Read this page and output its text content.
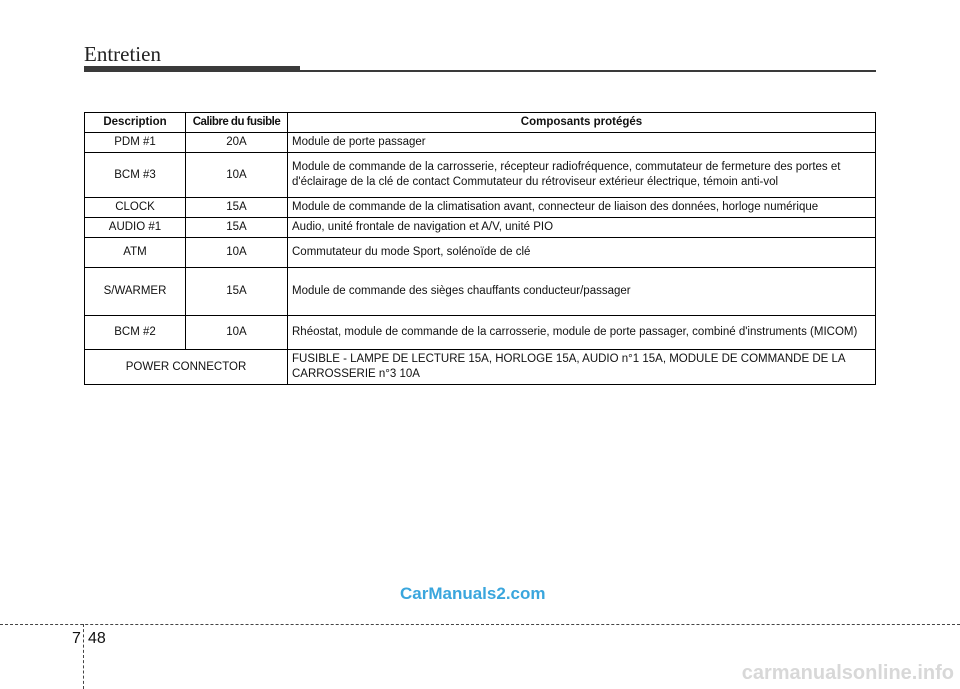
Entretien
Description	Calibre du fusible	Composants protégés
PDM #1	20A	Module de porte passager
BCM #3	10A	Module de commande de la carrosserie, récepteur radiofréquence, commutateur de fermeture des portes et d'éclairage de la clé de contact Commutateur du rétroviseur extérieur électrique, témoin anti-vol
CLOCK	15A	Module de commande de la climatisation avant, connecteur de liaison des données, horloge numérique
AUDIO #1	15A	Audio, unité frontale de navigation et A/V, unité PIO
ATM	10A	Commutateur du mode Sport, solénoïde de clé
S/WARMER	15A	Module de commande des sièges chauffants conducteur/passager
BCM #2	10A	Rhéostat, module de commande de la carrosserie, module de porte passager, combiné d'instruments (MICOM)
POWER CONNECTOR		FUSIBLE - LAMPE DE LECTURE 15A, HORLOGE 15A, AUDIO n°1 15A, MODULE DE COMMANDE DE LA CARROSSERIE n°3 10A
CarManuals2.com
7 48
carmanualsonline.info
